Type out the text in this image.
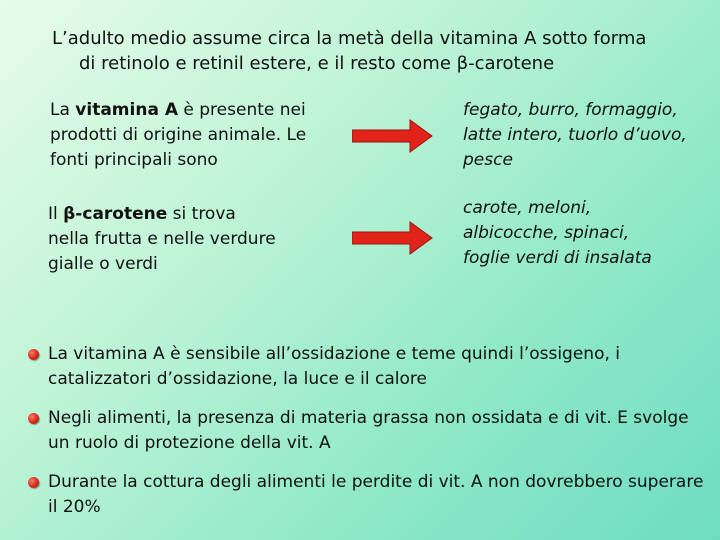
L’adulto medio assume circa la metà della vitamina A sotto forma
di retinolo e retinil estere, e il resto come β-carotene
La vitamina A è presente nei prodotti di origine animale. Le fonti principali sono
fegato, burro, formaggio, latte intero, tuorlo d’uovo, pesce
Il β-carotene si trova nella frutta e nelle verdure gialle o verdi
carote, meloni, albicocche, spinaci, foglie verdi di insalata
La vitamina A è sensibile all’ossidazione e teme quindi l’ossigeno, i catalizzatori d’ossidazione, la luce e il calore
Negli alimenti, la presenza di materia grassa non ossidata e di vit. E svolge un ruolo di protezione della vit. A
Durante la cottura degli alimenti le perdite di vit. A non dovrebbero superare il 20%
